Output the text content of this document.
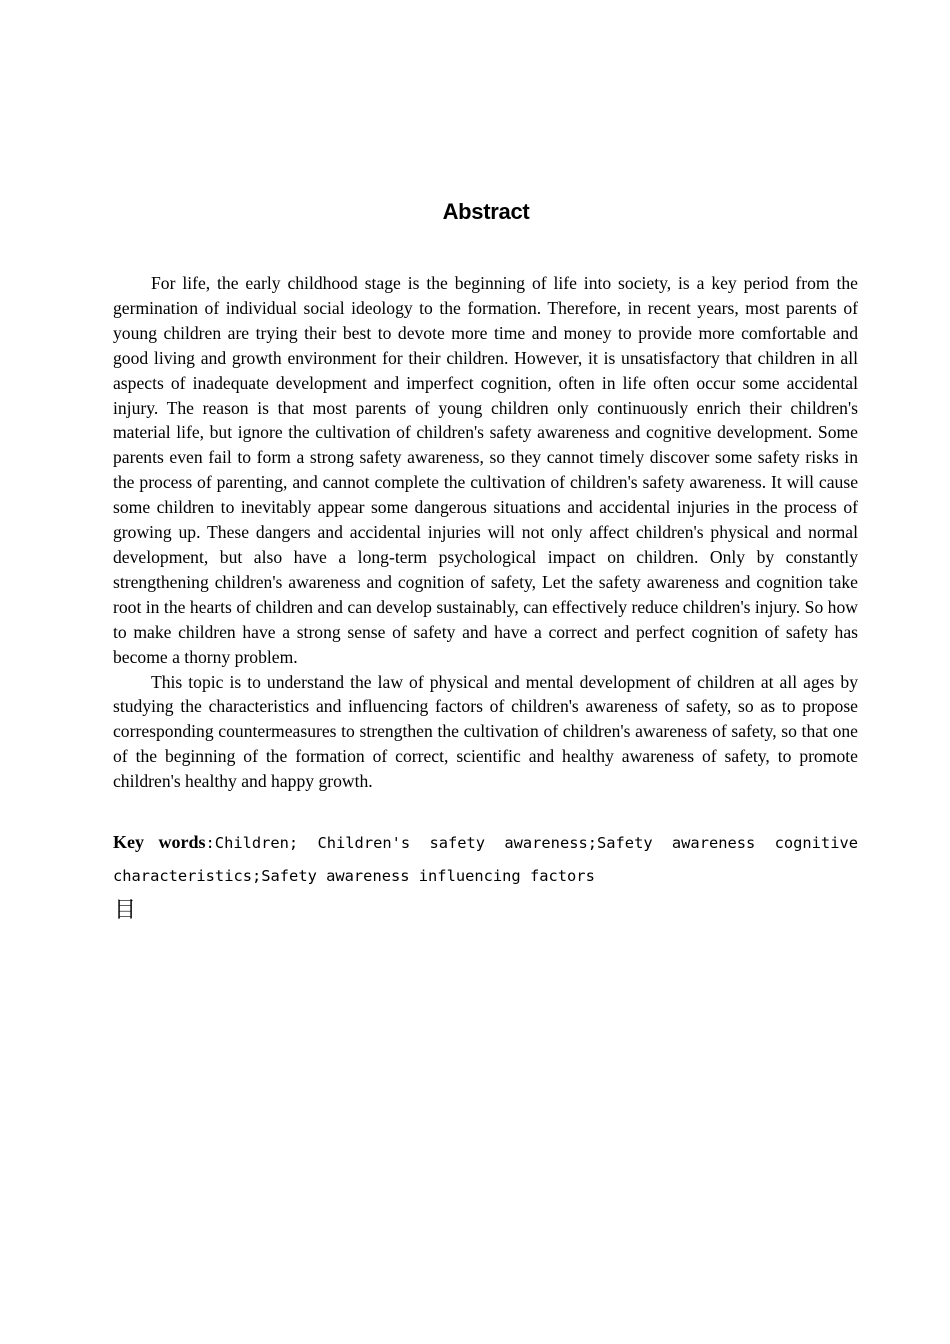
Abstract

For life, the early childhood stage is the beginning of life into society, is a key period from the germination of individual social ideology to the formation. Therefore, in recent years, most parents of young children are trying their best to devote more time and money to provide more comfortable and good living and growth environment for their children. However, it is unsatisfactory that children in all aspects of inadequate development and imperfect cognition, often in life often occur some accidental injury. The reason is that most parents of young children only continuously enrich their children's material life, but ignore the cultivation of children's safety awareness and cognitive development. Some parents even fail to form a strong safety awareness, so they cannot timely discover some safety risks in the process of parenting, and cannot complete the cultivation of children's safety awareness. It will cause some children to inevitably appear some dangerous situations and accidental injuries in the process of growing up. These dangers and accidental injuries will not only affect children's physical and normal development, but also have a long-term psychological impact on children. Only by constantly strengthening children's awareness and cognition of safety, Let the safety awareness and cognition take root in the hearts of children and can develop sustainably, can effectively reduce children's injury. So how to make children have a strong sense of safety and have a correct and perfect cognition of safety has become a thorny problem.

This topic is to understand the law of physical and mental development of children at all ages by studying the characteristics and influencing factors of children's awareness of safety, so as to propose corresponding countermeasures to strengthen the cultivation of children's awareness of safety, so that one of the beginning of the formation of correct, scientific and healthy awareness of safety, to promote children's healthy and happy growth.

Key words:Children; Children's safety awareness;Safety awareness cognitive characteristics;Safety awareness influencing factors
目
